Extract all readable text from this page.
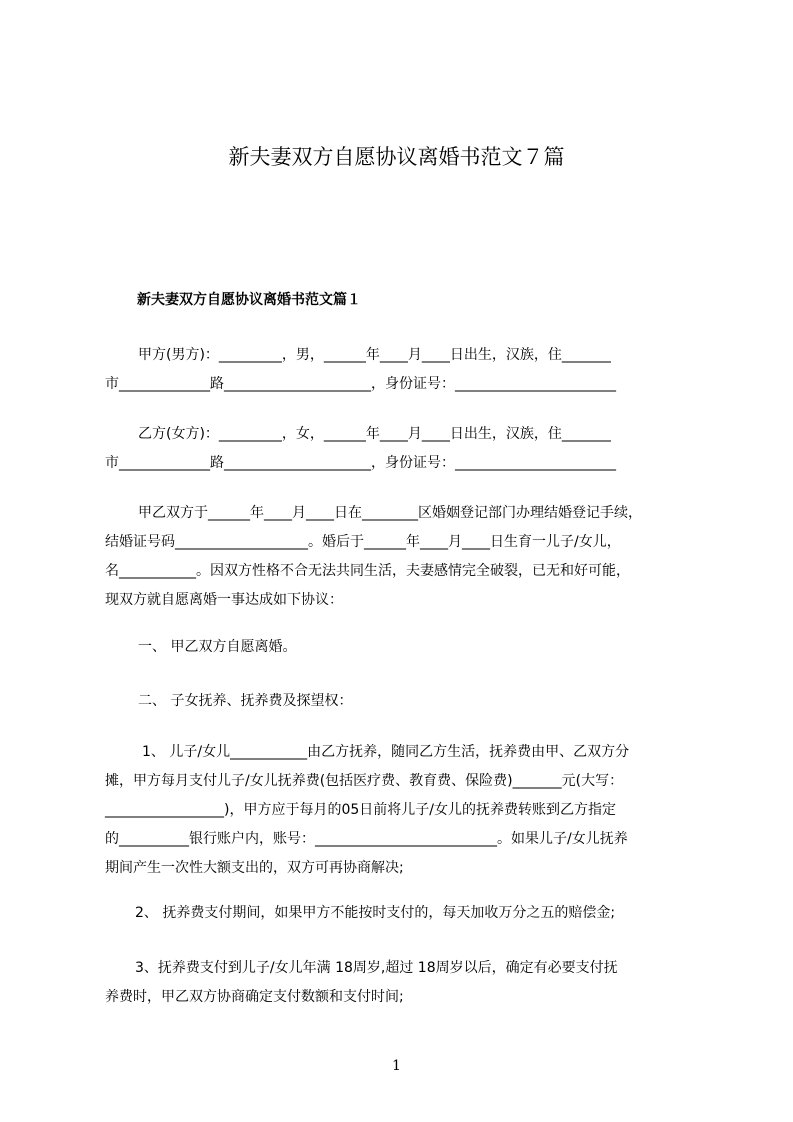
新夫妻双方自愿协议离婚书范文７篇
新夫妻双方自愿协议离婚书范文篇１

甲方(男方)：_________，男，______年____月____日出生，汉族，住_______
市_____________路_____________________，身份证号：_______________________

乙方(女方)：_________，女，______年____月____日出生，汉族，住_______
市_____________路_____________________，身份证号：_______________________

甲乙双方于______年____月____日在________区婚姻登记部门办理结婚登记手续，
结婚证号码___________________。婚后于______年____月____日生育一儿子/女儿，
名___________。因双方性格不合无法共同生活，夫妻感情完全破裂，已无和好可能，
现双方就自愿离婚一事达成如下协议：

一、 甲乙双方自愿离婚。

二、 子女抚养、抚养费及探望权：

1、 儿子/女儿___________由乙方抚养，随同乙方生活，抚养费由甲、乙双方分
摊，甲方每月支付儿子/女儿抚养费(包括医疗费、教育费、保险费)_______元(大写：
_________________)，甲方应于每月的05日前将儿子/女儿的抚养费转账到乙方指定
的__________银行账户内，账号：__________________________。如果儿子/女儿抚养
期间产生一次性大额支出的，双方可再协商解决;

2、 抚养费支付期间，如果甲方不能按时支付的，每天加收万分之五的赔偿金;

3、抚养费支付到儿子/女儿年满 18周岁,超过 18周岁以后，确定有必要支付抚
养费时，甲乙双方协商确定支付数额和支付时间;

1
